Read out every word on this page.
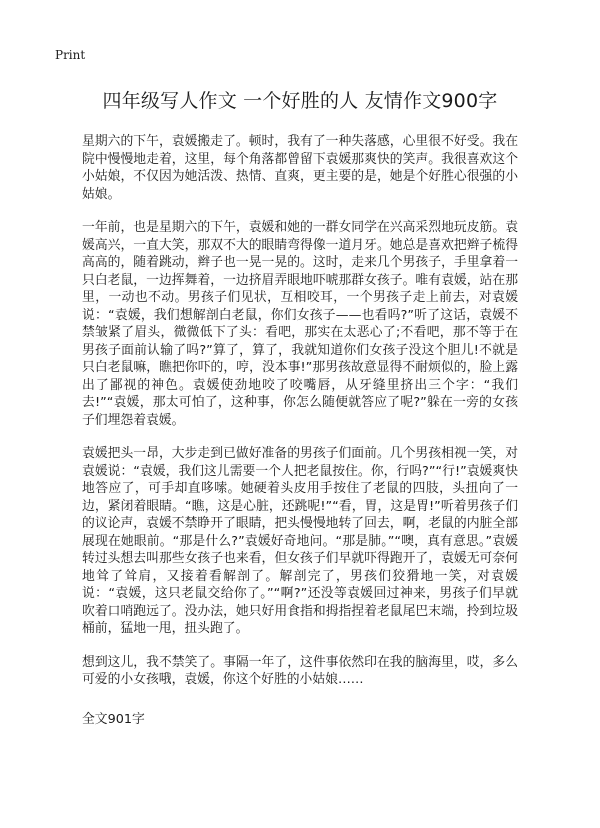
Print
四年级写人作文 一个好胜的人 友情作文900字

星期六的下午，袁媛搬走了。顿时，我有了一种失落感，心里很不好受。我在院中慢慢地走着，这里，每个角落都曾留下袁媛那爽快的笑声。我很喜欢这个小姑娘，不仅因为她活泼、热情、直爽，更主要的是，她是个好胜心很强的小姑娘。

一年前，也是星期六的下午，袁媛和她的一群女同学在兴高采烈地玩皮筋。袁媛高兴，一直大笑，那双不大的眼睛弯得像一道月牙。她总是喜欢把辫子梳得高高的，随着跳动，辫子也一晃一晃的。这时，走来几个男孩子，手里拿着一只白老鼠，一边挥舞着，一边挤眉弄眼地吓唬那群女孩子。唯有袁媛，站在那里，一动也不动。男孩子们见状，互相咬耳，一个男孩子走上前去，对袁媛说：“袁媛，我们想解剖白老鼠，你们女孩子——也看吗?”听了这话，袁媛不禁皱紧了眉头，微微低下了头：看吧，那实在太恶心了;不看吧，那不等于在男孩子面前认输了吗?”算了，算了，我就知道你们女孩子没这个胆儿!不就是只白老鼠嘛，瞧把你吓的，哼，没本事!”那男孩故意显得不耐烦似的，脸上露出了鄙视的神色。袁媛使劲地咬了咬嘴唇，从牙缝里挤出三个字：“我们去!”“袁媛，那太可怕了，这种事，你怎么随便就答应了呢?”躲在一旁的女孩子们埋怨着袁媛。

袁媛把头一昂，大步走到已做好准备的男孩子们面前。几个男孩相视一笑，对袁媛说：“袁媛，我们这儿需要一个人把老鼠按住。你，行吗?”“行!”袁媛爽快地答应了，可手却直哆嗦。她硬着头皮用手按住了老鼠的四肢，头扭向了一边，紧闭着眼睛。“瞧，这是心脏，还跳呢!”“看，胃，这是胃!”听着男孩子们的议论声，袁媛不禁睁开了眼睛，把头慢慢地转了回去，啊，老鼠的内脏全部展现在她眼前。“那是什么?”袁媛好奇地问。“那是肺。”“噢，真有意思。”袁媛转过头想去叫那些女孩子也来看，但女孩子们早就吓得跑开了，袁媛无可奈何地耸了耸肩，又接着看解剖了。解剖完了，男孩们狡猾地一笑，对袁媛说：“袁媛，这只老鼠交给你了。”“啊?”还没等袁媛回过神来，男孩子们早就吹着口哨跑远了。没办法，她只好用食指和拇指捏着老鼠尾巴末端，拎到垃圾桶前，猛地一甩，扭头跑了。

想到这儿，我不禁笑了。事隔一年了，这件事依然印在我的脑海里，哎，多么可爱的小女孩哦，袁媛，你这个好胜的小姑娘……

全文901字
